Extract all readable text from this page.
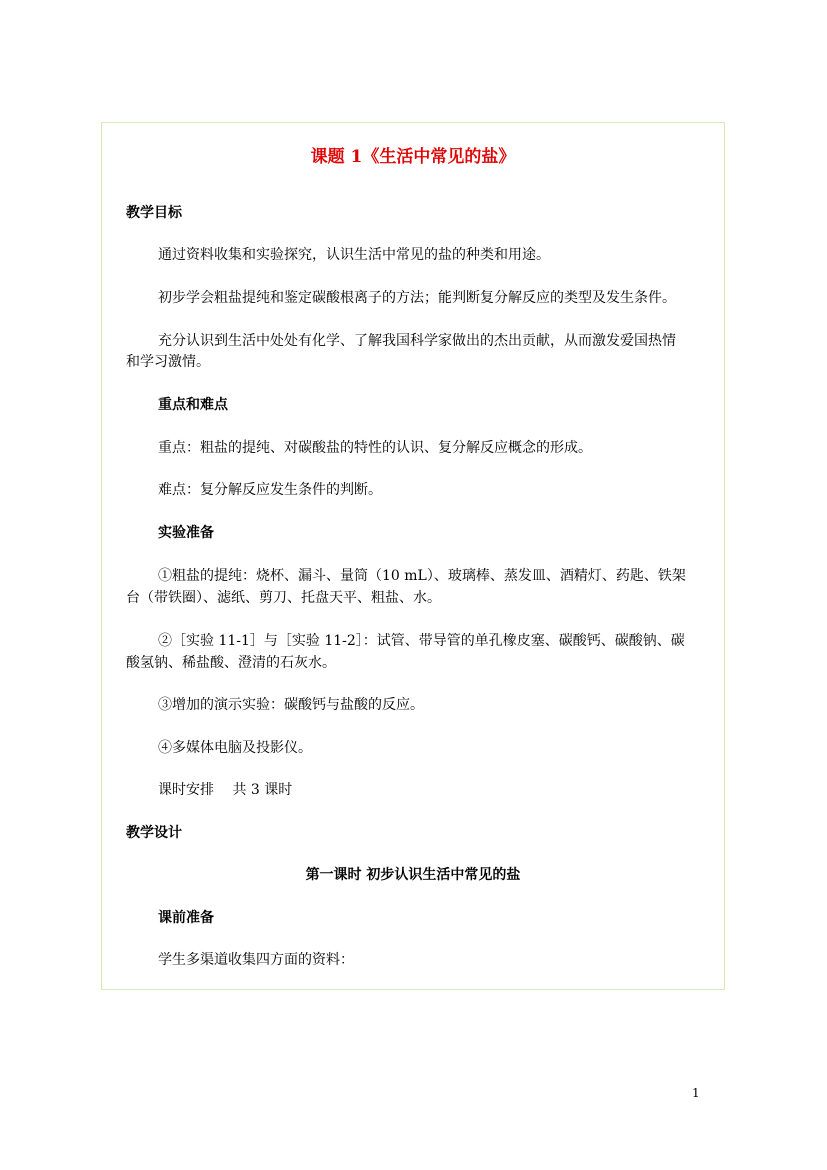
课题 1《生活中常见的盐》
教学目标
通过资料收集和实验探究，认识生活中常见的盐的种类和用途。
初步学会粗盐提纯和鉴定碳酸根离子的方法；能判断复分解反应的类型及发生条件。
充分认识到生活中处处有化学、了解我国科学家做出的杰出贡献，从而激发爱国热情
和学习激情。
重点和难点
重点：粗盐的提纯、对碳酸盐的特性的认识、复分解反应概念的形成。
难点：复分解反应发生条件的判断。
实验准备
①粗盐的提纯：烧杯、漏斗、量筒（10 mL）、玻璃棒、蒸发皿、酒精灯、药匙、铁架
台（带铁圈）、滤纸、剪刀、托盘天平、粗盐、水。
②［实验 11-1］与［实验 11-2］：试管、带导管的单孔橡皮塞、碳酸钙、碳酸钠、碳
酸氢钠、稀盐酸、澄清的石灰水。
③增加的演示实验：碳酸钙与盐酸的反应。
④多媒体电脑及投影仪。
课时安排　 共 3 课时
教学设计
第一课时 初步认识生活中常见的盐
课前准备
学生多渠道收集四方面的资料：
1
